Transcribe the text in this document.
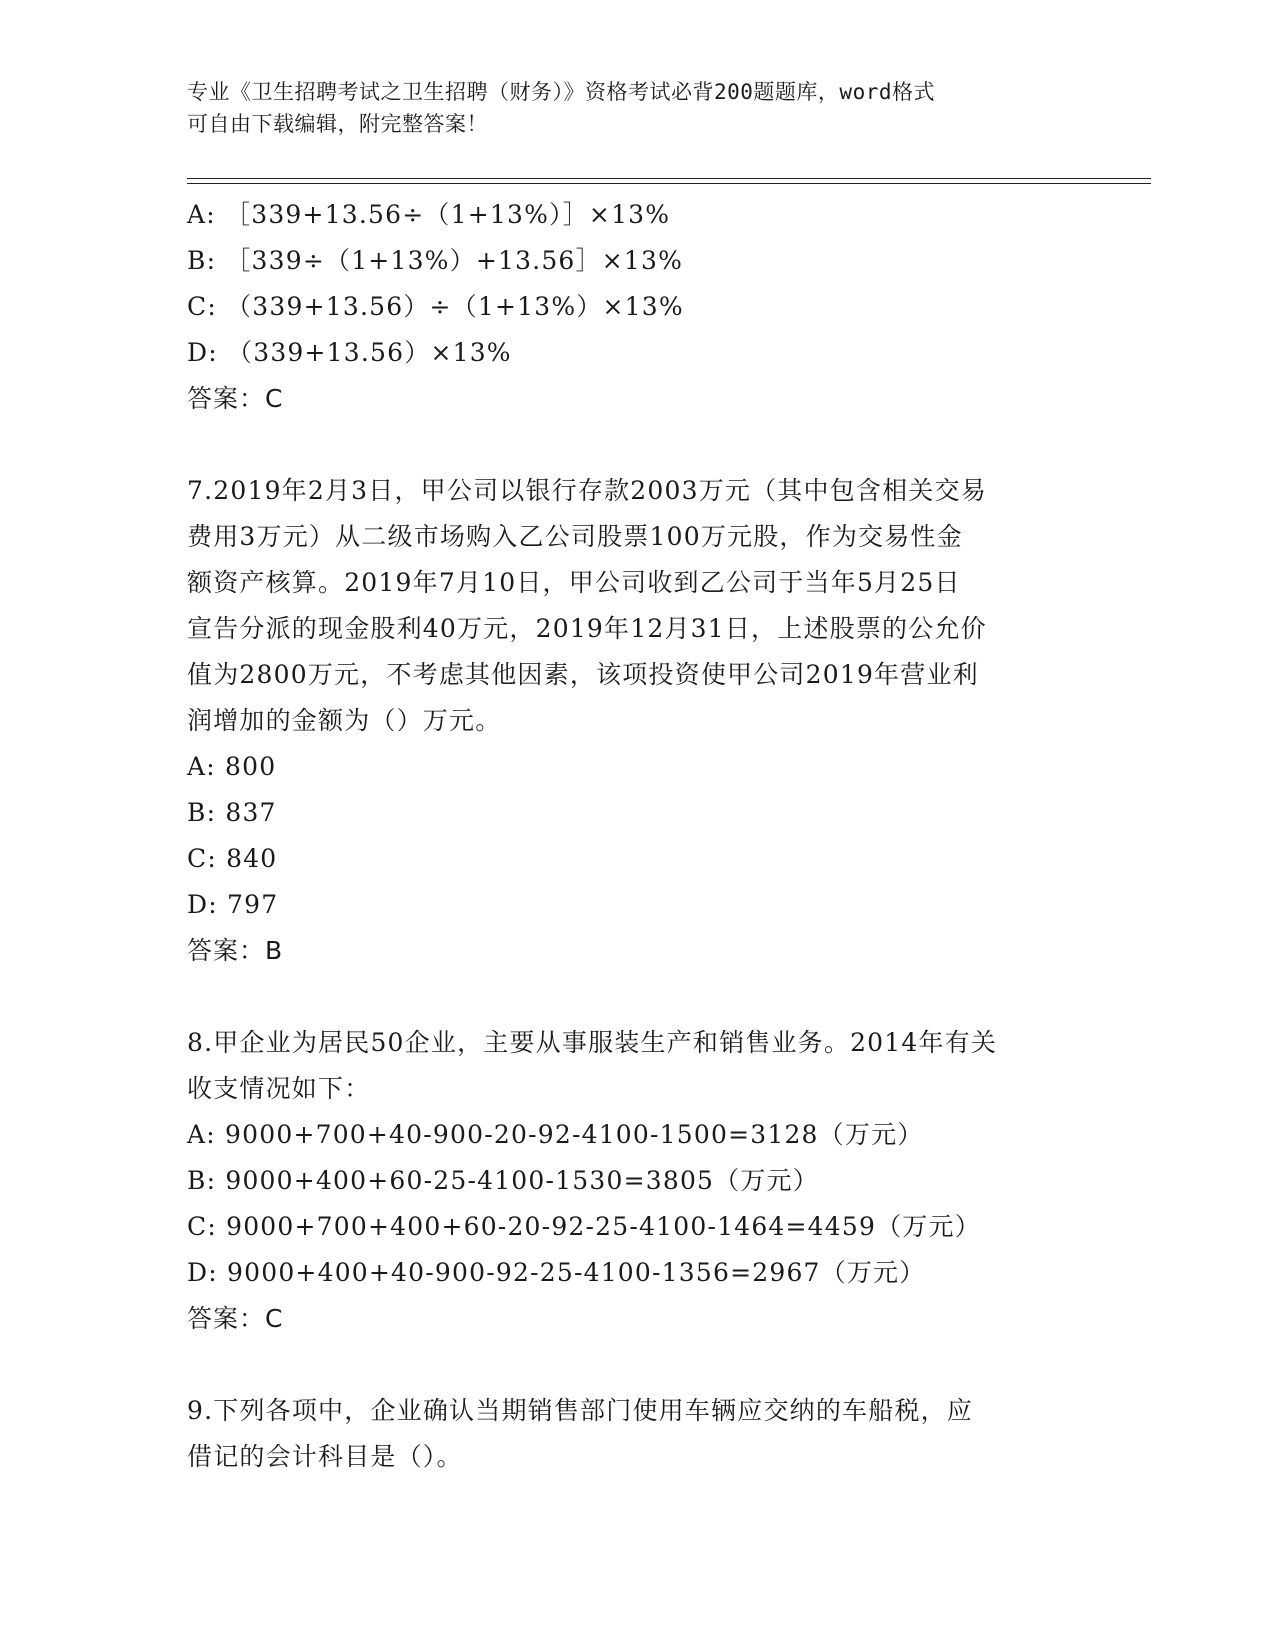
专业《卫生招聘考试之卫生招聘（财务）》资格考试必背200题题库，word格式
可自由下载编辑，附完整答案！
A: ［339+13.56÷（1+13%）］×13%
B: ［339÷（1+13%）+13.56］×13%
C: （339+13.56）÷（1+13%）×13%
D: （339+13.56）×13%
答案：C
7.2019年2月3日，甲公司以银行存款2003万元（其中包含相关交易
费用3万元）从二级市场购入乙公司股票100万元股，作为交易性金
额资产核算。2019年7月10日，甲公司收到乙公司于当年5月25日
宣告分派的现金股利40万元，2019年12月31日，上述股票的公允价
值为2800万元，不考虑其他因素，该项投资使甲公司2019年营业利
润增加的金额为（）万元。
A: 800
B: 837
C: 840
D: 797
答案：B
8.甲企业为居民50企业，主要从事服装生产和销售业务。2014年有关
收支情况如下：
A: 9000+700+40-900-20-92-4100-1500=3128（万元）
B: 9000+400+60-25-4100-1530=3805（万元）
C: 9000+700+400+60-20-92-25-4100-1464=4459（万元）
D: 9000+400+40-900-92-25-4100-1356=2967（万元）
答案：C
9.下列各项中，企业确认当期销售部门使用车辆应交纳的车船税，应
借记的会计科目是（）。
